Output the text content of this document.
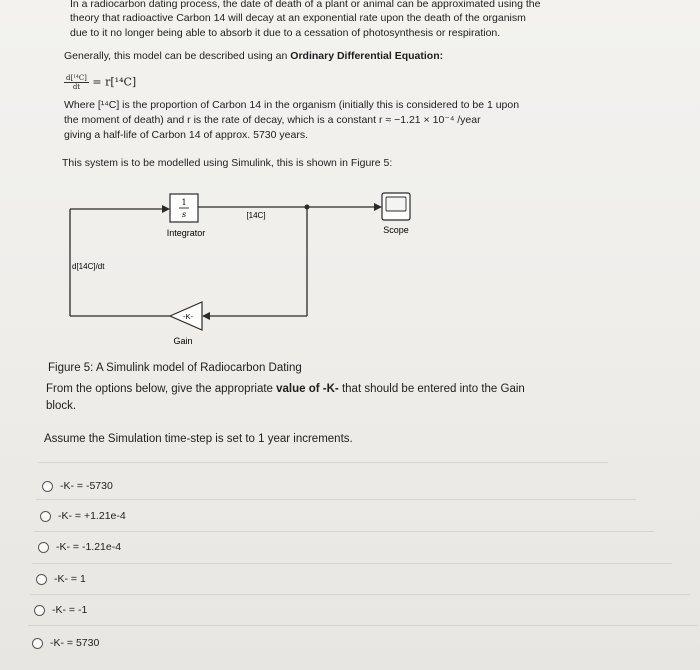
In a radiocarbon dating process, the date of death of a plant or animal can be approximated using the
theory that radioactive Carbon 14 will decay at an exponential rate upon the death of the organism
due to it no longer being able to absorb it due to a cessation of photosynthesis or respiration.
Generally, this model can be described using an Ordinary Differential Equation:
$\frac{\text{d[¹⁴C]}}{dt} = r[^{14}C]$
Where [¹⁴C] is the proportion of Carbon 14 in the organism (initially this is considered to be 1 upon
the moment of death) and r is the rate of decay, which is a constant r ≈ −1.21 × 10⁻⁴ /year
giving a half-life of Carbon 14 of approx. 5730 years.
This system is to be modelled using Simulink, this is shown in Figure 5:
1
s
Integrator
[14C]
Scope
d[14C]/dt
-K-
Gain
Figure 5: A Simulink model of Radiocarbon Dating
From the options below, give the appropriate value of -K- that should be entered into the Gain
block.
Assume the Simulation time-step is set to 1 year increments.
-K- = -5730
-K- = +1.21e-4
-K- = -1.21e-4
-K- = 1
-K- = -1
-K- = 5730
